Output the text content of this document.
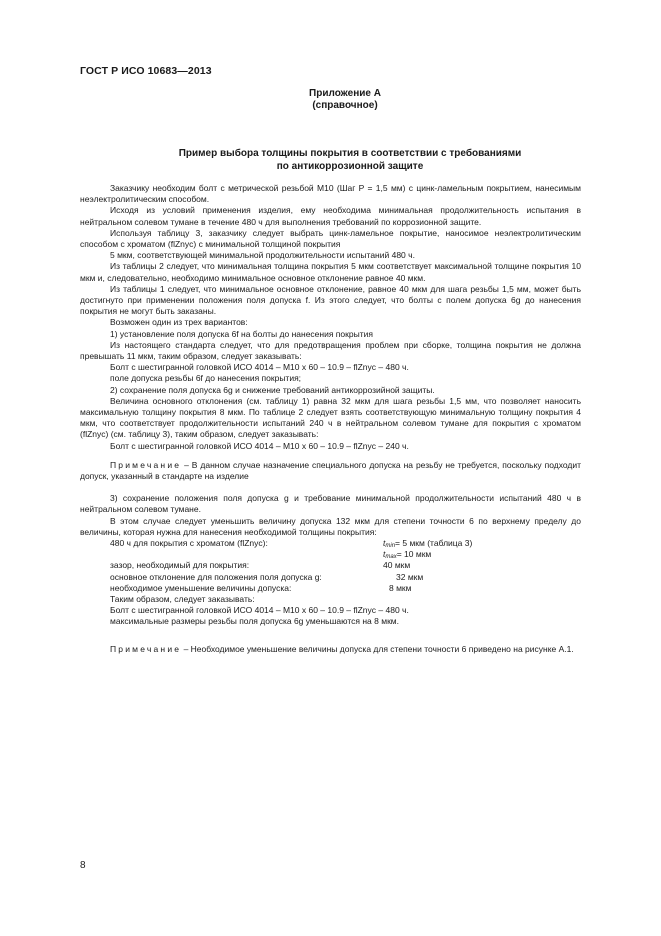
ГОСТ Р ИСО 10683—2013
Приложение А
(справочное)
Пример выбора толщины покрытия в соответствии с требованиями
по антикоррозионной защите

Заказчику необходим болт с метрической резьбой М10 (Шаг P = 1,5 мм) с цинк-ламельным покрытием, нанесимым неэлектролитическим способом.

Исходя из условий применения изделия, ему необходима минимальная продолжительность испытания в нейтральном солевом тумане в течение 480 ч для выполнения требований по коррозионной защите.

Используя таблицу 3, заказчику следует выбрать цинк-ламельное покрытие, наносимое неэлектролитическим способом с хроматом (flZnyc) с минимальной толщиной покрытия

5 мкм, соответствующей минимальной продолжительности испытаний 480 ч.

Из таблицы 2 следует, что минимальная толщина покрытия 5 мкм соответствует максимальной толщине покрытия 10 мкм и, следовательно, необходимо минимальное основное отклонение равное 40 мкм.

Из таблицы 1 следует, что минимальное основное отклонение, равное 40 мкм для шага резьбы 1,5 мм, может быть достигнуто при применении положения поля допуска f. Из этого следует, что болты с полем допуска 6g до нанесения покрытия не могут быть заказаны.

Возможен один из трех вариантов:

1) установление поля допуска 6f на болты до нанесения покрытия

Из настоящего стандарта следует, что для предотвращения проблем при сборке, толщина покрытия не должна превышать 11 мкм, таким образом, следует заказывать:

Болт с шестигранной головкой ИСО 4014 – М10 х 60 – 10.9 – flZnyc – 480 ч.

поле допуска резьбы 6f до нанесения покрытия;

2) сохранение поля допуска 6g и снижение требований антикоррозийной защиты.

Величина основного отклонения (см. таблицу 1) равна 32 мкм для шага резьбы 1,5 мм, что позволяет наносить максимальную толщину покрытия 8 мкм. По таблице 2 следует взять соответствующую минимальную толщину покрытия 4 мкм, что соответствует продолжительности испытаний 240 ч в нейтральном солевом тумане для покрытия с хроматом (flZnyc) (см. таблицу 3), таким образом, следует заказывать:

Болт с шестигранной головкой ИСО 4014 – М10 х 60 – 10.9 – flZnyc – 240 ч.

Примечание – В данном случае назначение специального допуска на резьбу не требуется, поскольку подходит допуск, указанный в стандарте на изделие

3) сохранение положения поля допуска g и требование минимальной продолжительности испытаний 480 ч в нейтральном солевом тумане.

В этом случае следует уменьшить величину допуска 132 мкм для степени точности 6 по верхнему пределу до величины, которая нужна для нанесения необходимой толщины покрытия:

480 ч для покрытия с хроматом (flZnyc):	tmin= 5 мкм (таблица 3)
tmax= 10 мкм
зазор, необходимый для покрытия:	40 мкм
основное отклонение для положения поля допуска g:	32 мкм
необходимое уменьшение величины допуска:	8 мкм

Таким образом, следует заказывать:

Болт с шестигранной головкой ИСО 4014 – М10 х 60 – 10.9 – flZnyc – 480 ч.

максимальные размеры резьбы поля допуска 6g уменьшаются на 8 мкм.

Примечание – Необходимое уменьшение величины допуска для степени точности 6 приведено на рисунке А.1.

8
